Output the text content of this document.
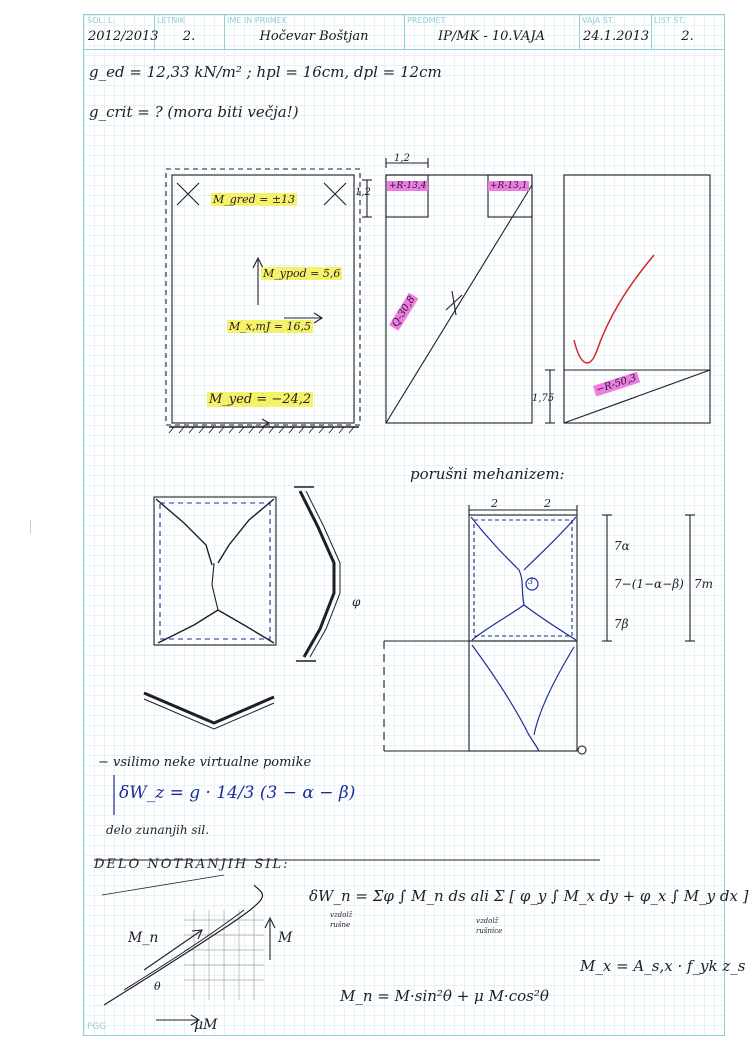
ŠOL. L.
2012/2013
LETNIK
2.
IME IN PRIIMEK
Hočevar Boštjan
PREDMET
IP/MK - 10.VAJA
VAJA ŠT.
24.1.2013
LIST ŠT.
2.
g_ed = 12,33 kN/m² ; hpl = 16cm, dpl = 12cm
g_crit = ? (mora biti večja!)
M_gred = ±13
M_ypod = 5,6
M_x,mJ = 16,5
M_yed = −24,2
1,2
1,2
+R-13,4	+R-13,1
Q-30,8
−R-50,3
1,75
porušni mehanizem:
2	2
7α
7−(1−α−β) 7m
7β
3
φ
− vsilimo neke virtualne pomike
δW_z = g · 14/3 (3 − α − β)
delo zunanjih sil.
DELO NOTRANJIH SIL:
δW_n = Σφ ∫ M_n ds ali Σ [ φ_y ∫ M_x dy + φ_x ∫ M_y dx ]
vzdolž
rušne	vzdolž
rušnice
M_x = A_s,x · f_yk z_s
M_n = M·sin²θ + μ M·cos²θ
M_n	M
μM
θ
FGG
